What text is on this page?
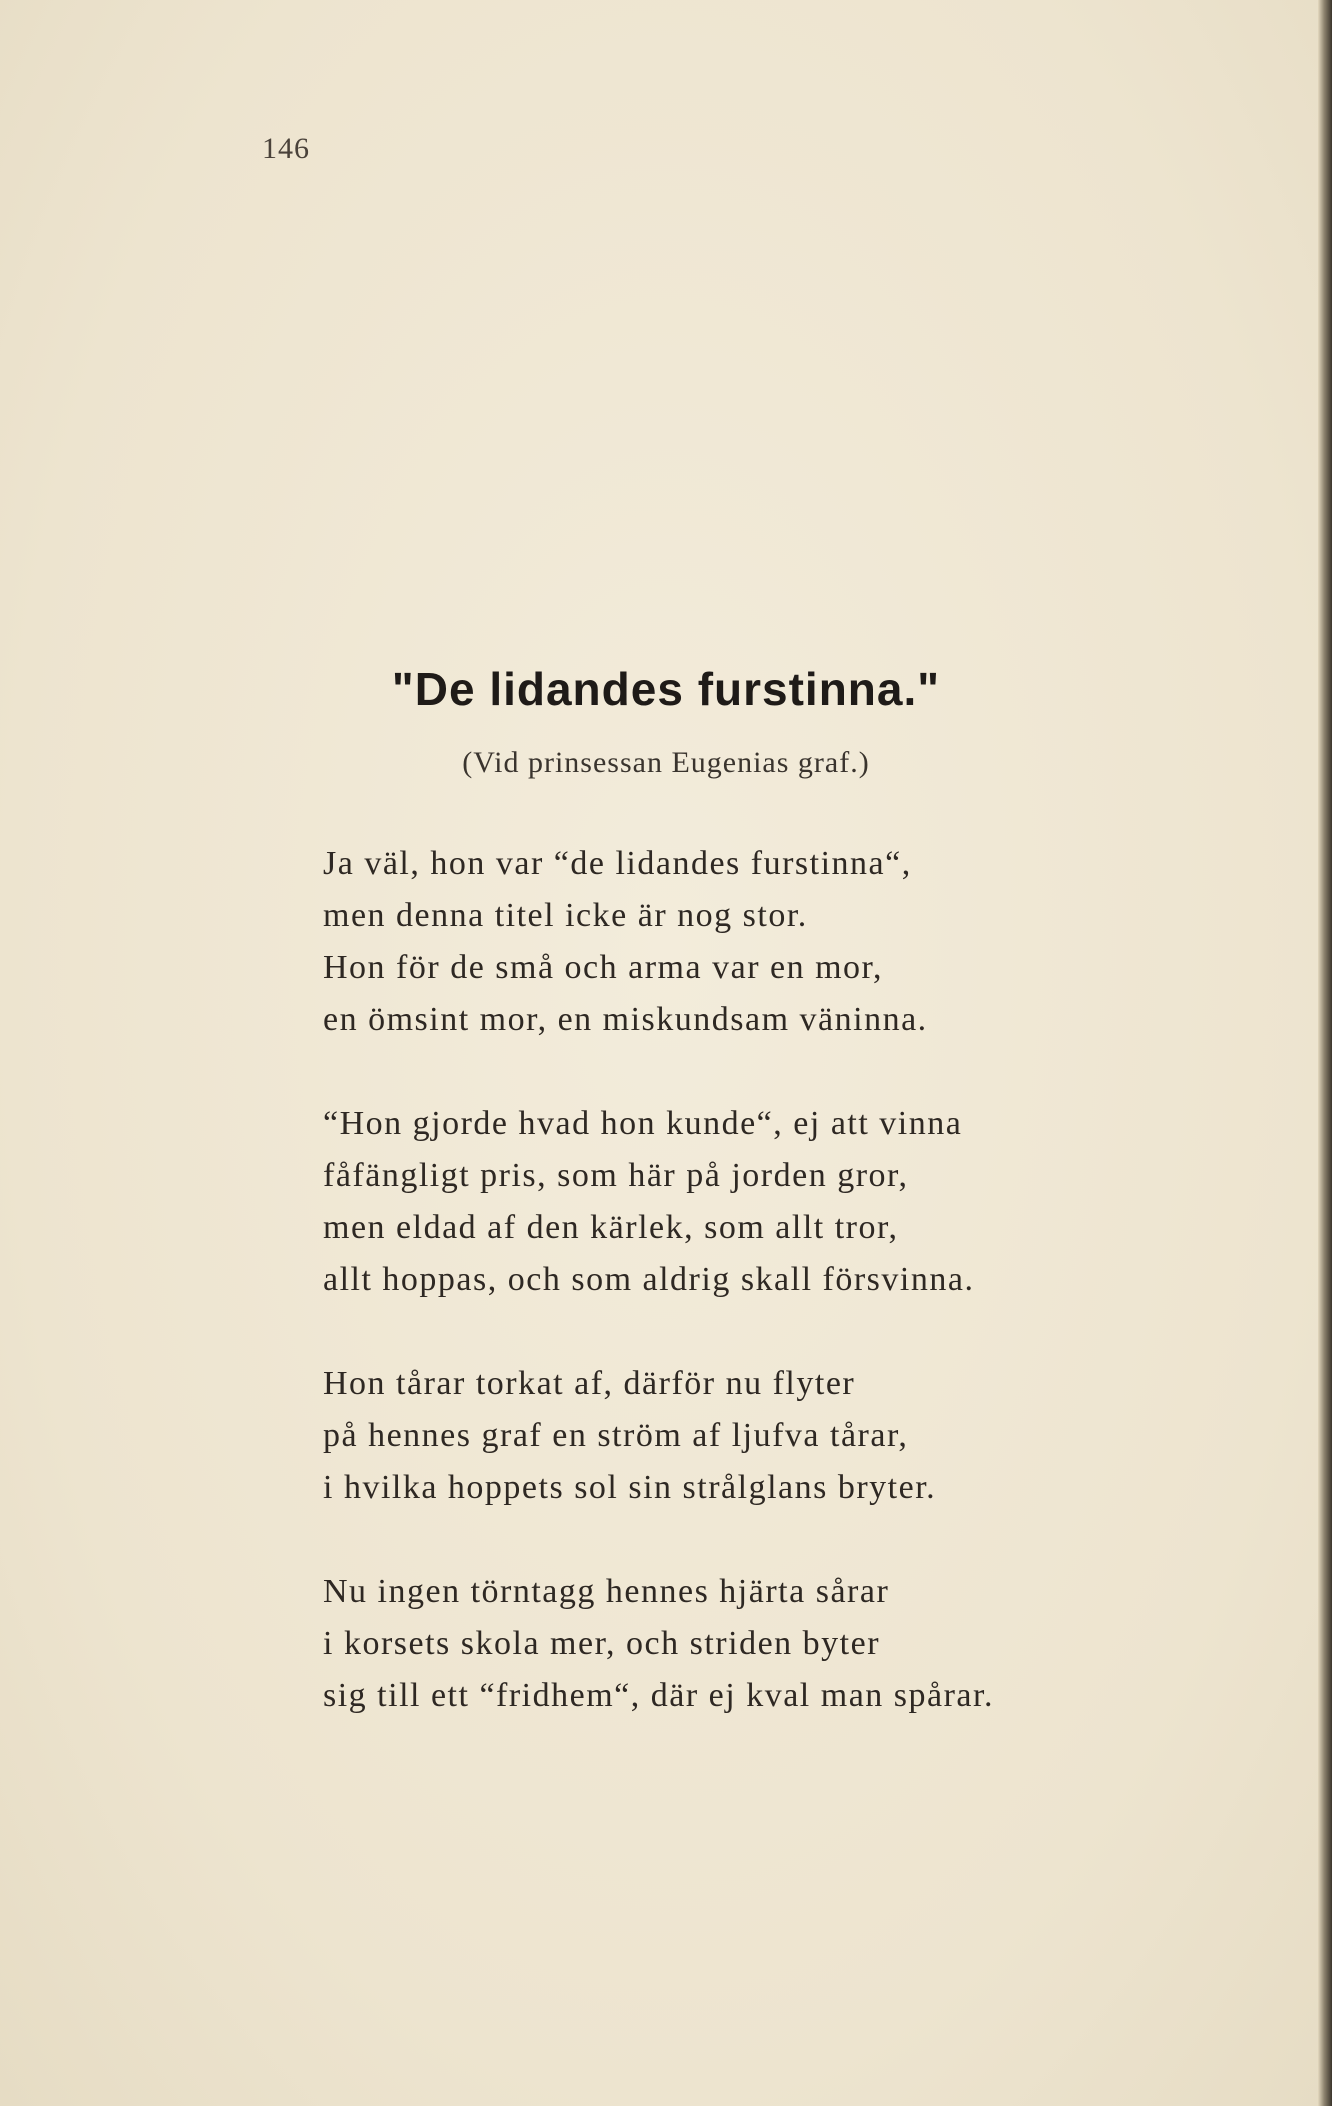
146
"De lidandes furstinna."
(Vid prinsessan Eugenias graf.)
Ja väl, hon var “de lidandes furstinna“,
men denna titel icke är nog stor.
Hon för de små och arma var en mor,
en ömsint mor, en miskundsam väninna.
“Hon gjorde hvad hon kunde“, ej att vinna
fåfängligt pris, som här på jorden gror,
men eldad af den kärlek, som allt tror,
allt hoppas, och som aldrig skall försvinna.
Hon tårar torkat af, därför nu flyter
på hennes graf en ström af ljufva tårar,
i hvilka hoppets sol sin strålglans bryter.
Nu ingen törntagg hennes hjärta sårar
i korsets skola mer, och striden byter
sig till ett “fridhem“, där ej kval man spårar.
